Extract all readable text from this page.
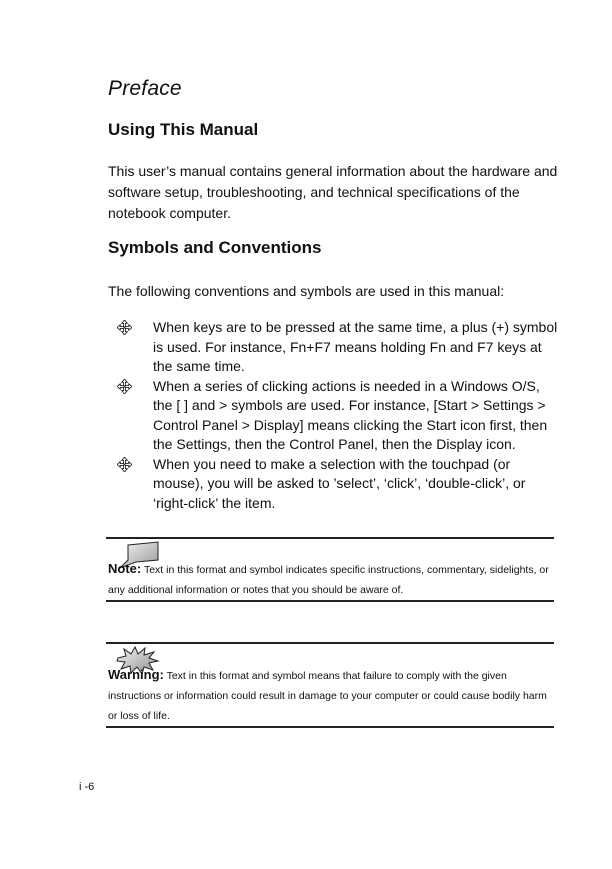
Preface
Using This Manual
This user’s manual contains general information about the hardware and software setup, troubleshooting, and technical specifications of the notebook computer.
Symbols and Conventions
The following conventions and symbols are used in this manual:
When keys are to be pressed at the same time, a plus (+) symbol is used. For instance, Fn+F7 means holding Fn and F7 keys at the same time.
When a series of clicking actions is needed in a Windows O/S, the [ ] and > symbols are used. For instance, [Start > Settings > Control Panel > Display] means clicking the Start icon first, then the Settings, then the Control Panel, then the Display icon.
When you need to make a selection with the touchpad (or mouse), you will be asked to ’select’, ‘click’, ‘double-click’, or ‘right-click’ the item.
Note: Text in this format and symbol indicates specific instructions, commentary, sidelights, or any additional information or notes that you should be aware of.
Warning: Text in this format and symbol means that failure to comply with the given instructions or information could result in damage to your computer or could cause bodily harm or loss of life.
i -6
